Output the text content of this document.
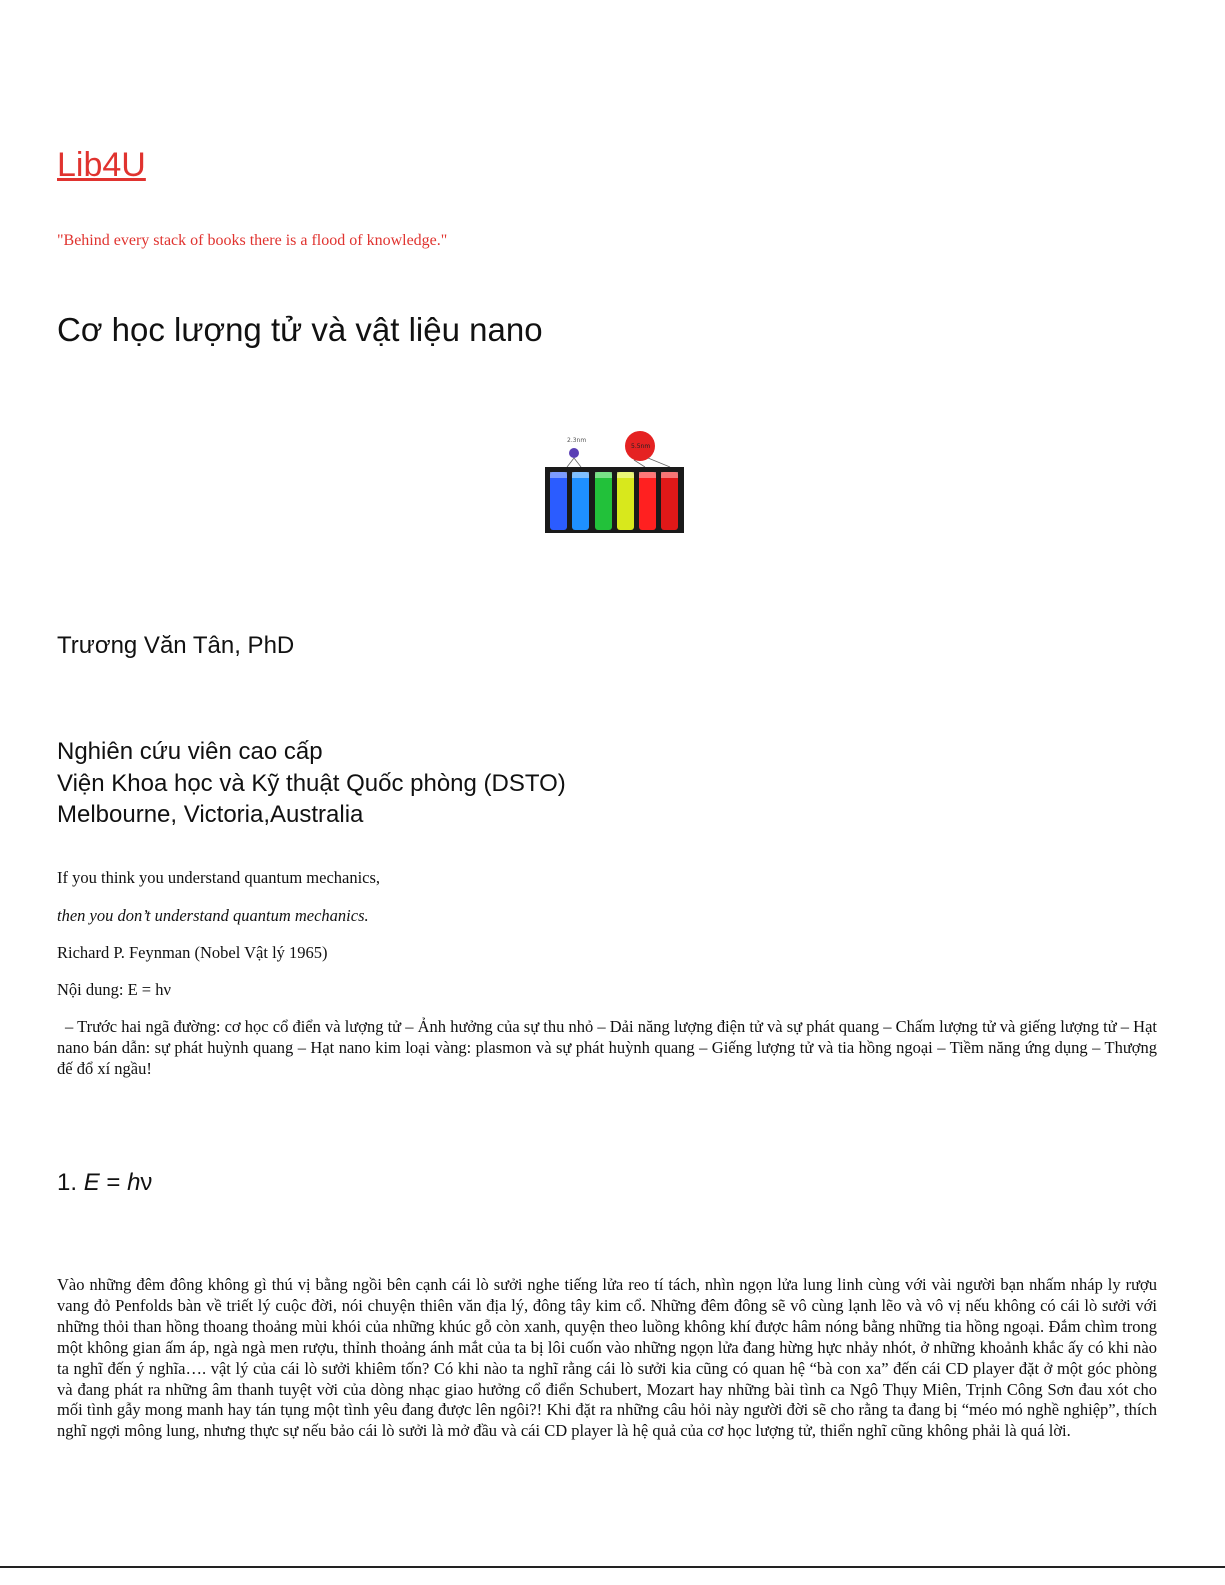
Lib4U
"Behind every stack of books there is a flood of knowledge."
Cơ học lượng tử và vật liệu nano
2.3nm
5.5nm
Trương Văn Tân, PhD
Nghiên cứu viên cao cấp
Viện Khoa học và Kỹ thuật Quốc phòng (DSTO)
Melbourne, Victoria,Australia
If you think you understand quantum mechanics,
then you don’t understand quantum mechanics.
Richard P. Feynman (Nobel Vật lý 1965)
Nội dung: E = hν
– Trước hai ngã đường: cơ học cổ điển và lượng tử – Ảnh hưởng của sự thu nhỏ – Dải năng lượng điện tử và sự phát quang – Chấm lượng tử và giếng lượng tử – Hạt nano bán dẫn: sự phát huỳnh quang – Hạt nano kim loại vàng: plasmon và sự phát huỳnh quang – Giếng lượng tử và tia hồng ngoại – Tiềm năng ứng dụng – Thượng đế đổ xí ngầu!
1. E = hν
Vào những đêm đông không gì thú vị bằng ngồi bên cạnh cái lò sưởi nghe tiếng lửa reo tí tách, nhìn ngọn lửa lung linh cùng với vài người bạn nhấm nháp ly rượu vang đỏ Penfolds bàn về triết lý cuộc đời, nói chuyện thiên văn địa lý, đông tây kim cổ. Những đêm đông sẽ vô cùng lạnh lẽo và vô vị nếu không có cái lò sưởi với những thỏi than hồng thoang thoảng mùi khói của những khúc gỗ còn xanh, quyện theo luồng không khí được hâm nóng bằng những tia hồng ngoại. Đắm chìm trong một không gian ấm áp, ngà ngà men rượu, thỉnh thoảng ánh mắt của ta bị lôi cuốn vào những ngọn lửa đang hừng hực nhảy nhót, ở những khoảnh khắc ấy có khi nào ta nghĩ đến ý nghĩa…. vật lý của cái lò sưởi khiêm tốn? Có khi nào ta nghĩ rằng cái lò sưởi kia cũng có quan hệ “bà con xa” đến cái CD player đặt ở một góc phòng và đang phát ra những âm thanh tuyệt vời của dòng nhạc giao hưởng cổ điển Schubert, Mozart hay những bài tình ca Ngô Thụy Miên, Trịnh Công Sơn đau xót cho mối tình gẫy mong manh hay tán tụng một tình yêu đang được lên ngôi?! Khi đặt ra những câu hỏi này người đời sẽ cho rằng ta đang bị “méo mó nghề nghiệp”, thích nghĩ ngợi mông lung, nhưng thực sự nếu bảo cái lò sưởi là mở đầu và cái CD player là hệ quả của cơ học lượng tử, thiển nghĩ cũng không phải là quá lời.
